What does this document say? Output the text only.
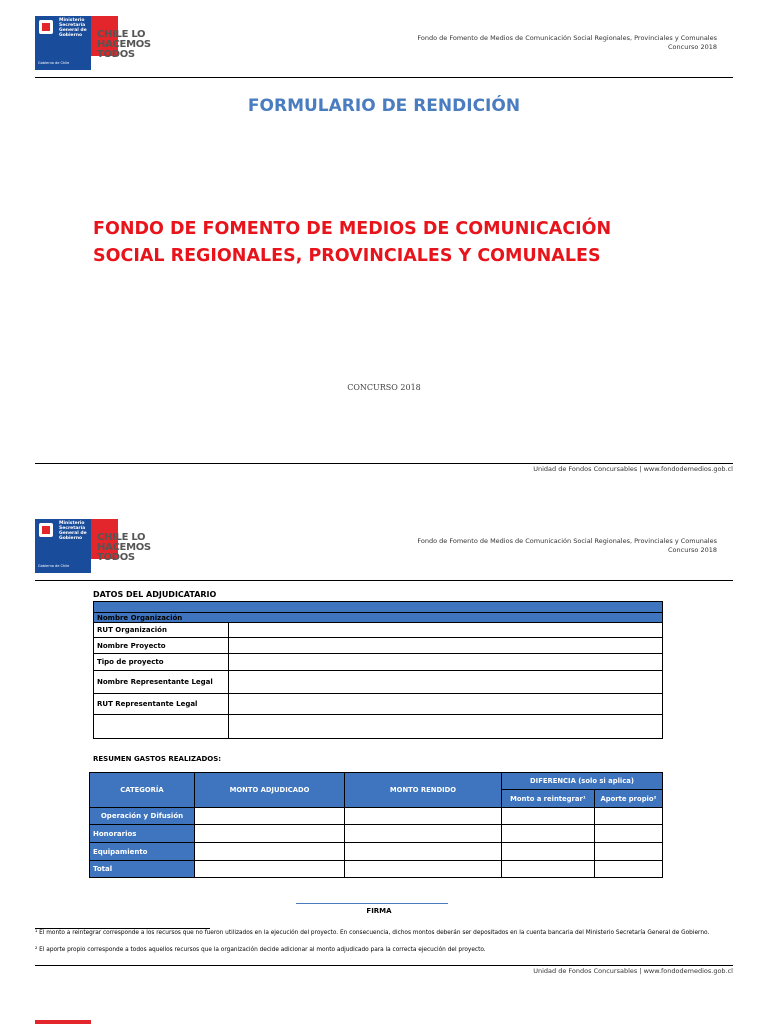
Ministerio Secretaría General de Gobierno
Gobierno de Chile
CHILE LO
HACEMOS
TODOS
Fondo de Fomento de Medios de Comunicación Social Regionales, Provinciales y Comunales
Concurso 2018
FORMULARIO DE RENDICIÓN
FONDO DE FOMENTO DE MEDIOS DE COMUNICACIÓN
SOCIAL REGIONALES, PROVINCIALES Y COMUNALES
CONCURSO 2018
Unidad de Fondos Concursables | www.fondodemedios.gob.cl
Ministerio Secretaría General de Gobierno
Gobierno de Chile
CHILE LO
HACEMOS
TODOS
Fondo de Fomento de Medios de Comunicación Social Regionales, Provinciales y Comunales
Concurso 2018
DATOS DEL ADJUDICATARIO

Nombre Organización	
RUT Organización	
Nombre Proyecto	
Tipo de proyecto	
Nombre Representante Legal	
RUT Representante Legal	

RESUMEN GASTOS REALIZADOS:
CATEGORÍA	MONTO ADJUDICADO	MONTO RENDIDO	DIFERENCIA (solo si aplica)	
			Monto a reintegrar¹	Aporte propio²
Operación y Difusión				
Honorarios				
Equipamiento				
Total				
FIRMA
¹ El monto a reintegrar corresponde a los recursos que no fueron utilizados en la ejecución del proyecto. En consecuencia, dichos montos deberán ser depositados en la cuenta bancaria del Ministerio Secretaría General de Gobierno.
² El aporte propio corresponde a todos aquellos recursos que la organización decide adicionar al monto adjudicado para la correcta ejecución del proyecto.
Unidad de Fondos Concursables | www.fondodemedios.gob.cl
